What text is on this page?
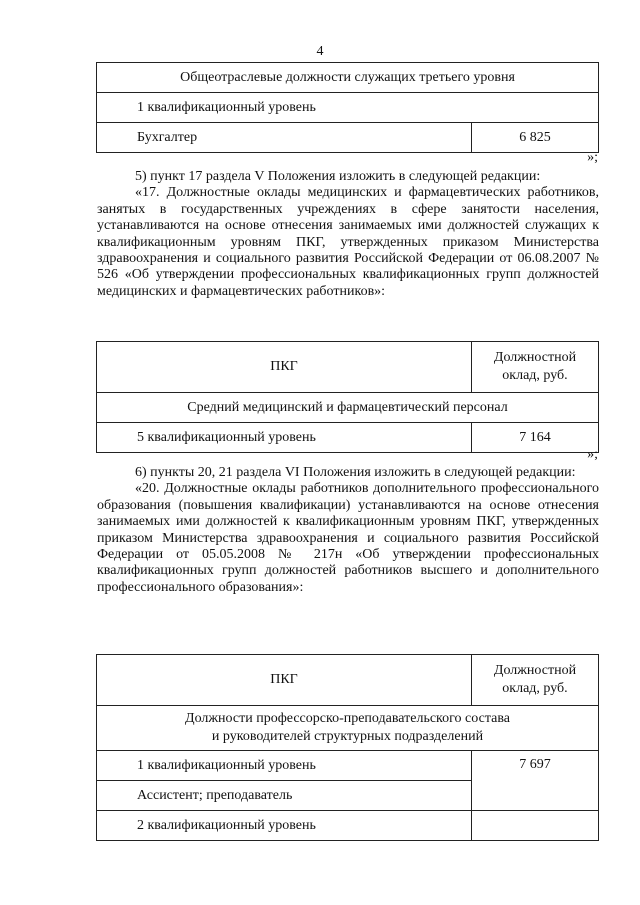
4
Общеотраслевые должности служащих третьего уровня
1 квалификационный уровень
Бухгалтер	6 825
»;

5) пункт 17 раздела V Положения изложить в следующей редакции:
«17. Должностные оклады медицинских и фармацевтических работников, занятых в государственных учреждениях в сфере занятости населения, устанавливаются на основе отнесения занимаемых ими должностей служащих к квалификационным уровням ПКГ, утвержденных приказом Министерства здравоохранения и социального развития Российской Федерации от 06.08.2007 № 526 «Об утверждении профессиональных квалификационных групп должностей медицинских и фармацевтических работников»:

ПКГ	Должностной
оклад, руб.
Средний медицинский и фармацевтический персонал	
5 квалификационный уровень	7 164
»;

6) пункты 20, 21 раздела VI Положения изложить в следующей редакции:
«20. Должностные оклады работников дополнительного профессионального образования (повышения квалификации) устанавливаются на основе отнесения занимаемых ими должностей к квалификационным уровням ПКГ, утвержденных приказом Министерства здравоохранения и социального развития Российской Федерации от 05.05.2008 № 217н «Об утверждении профессиональных квалификационных групп должностей работников высшего и дополнительного профессионального образования»:

ПКГ	Должностной
оклад, руб.
Должности профессорско-преподавательского состава
и руководителей структурных подразделений	
1 квалификационный уровень	7 697
Ассистент; преподаватель	
2 квалификационный уровень	
